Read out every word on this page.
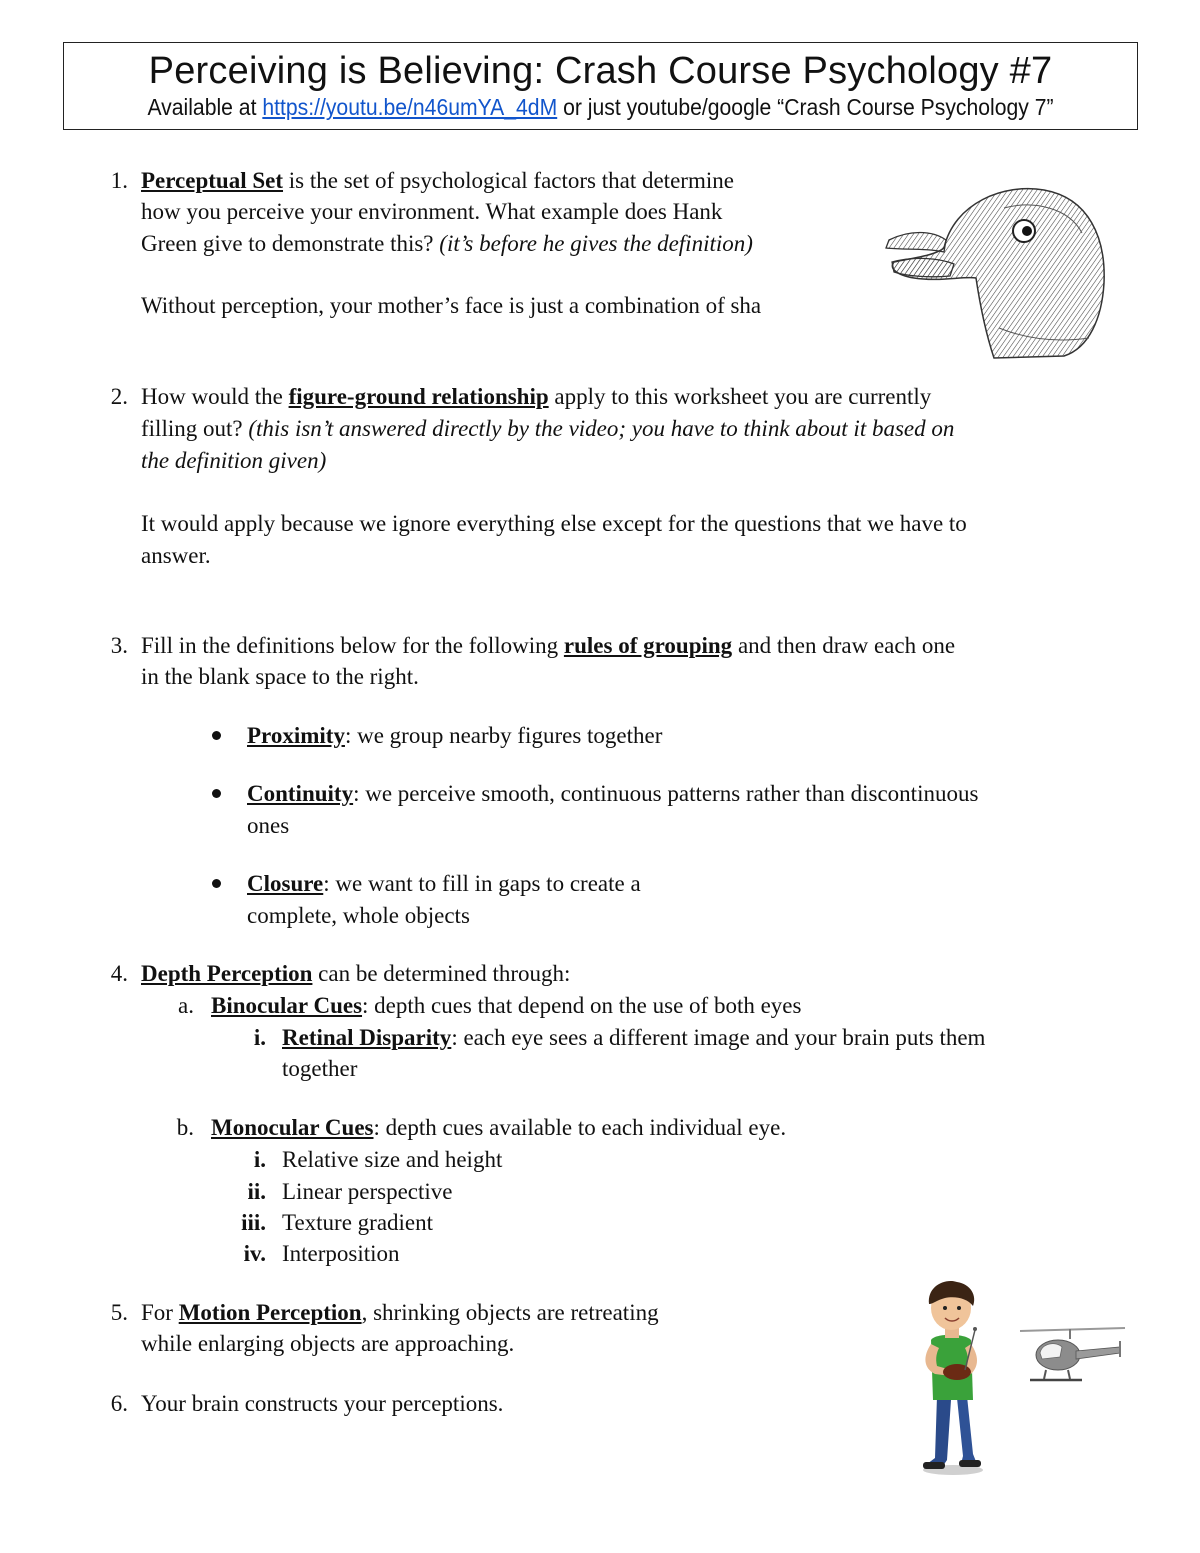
Perceiving is Believing: Crash Course Psychology #7
Available at https://youtu.be/n46umYA_4dM or just youtube/google “Crash Course Psychology 7”
1. Perceptual Set is the set of psychological factors that determine
how you perceive your environment. What example does Hank
Green give to demonstrate this? (it’s before he gives the definition)
Without perception, your mother’s face is just a combination of sha
2. How would the figure-ground relationship apply to this worksheet you are currently
filling out? (this isn’t answered directly by the video; you have to think about it based on
the definition given)
It would apply because we ignore everything else except for the questions that we have to
answer.
3. Fill in the definitions below for the following rules of grouping and then draw each one
in the blank space to the right.
Proximity: we group nearby figures together
Continuity: we perceive smooth, continuous patterns rather than discontinuous
ones
Closure: we want to fill in gaps to create a
complete, whole objects
4. Depth Perception can be determined through:
a. Binocular Cues: depth cues that depend on the use of both eyes
i. Retinal Disparity: each eye sees a different image and your brain puts them
together
b. Monocular Cues: depth cues available to each individual eye.
i. Relative size and height
ii. Linear perspective
iii. Texture gradient
iv. Interposition
5. For Motion Perception, shrinking objects are retreating
while enlarging objects are approaching.
6. Your brain constructs your perceptions.
